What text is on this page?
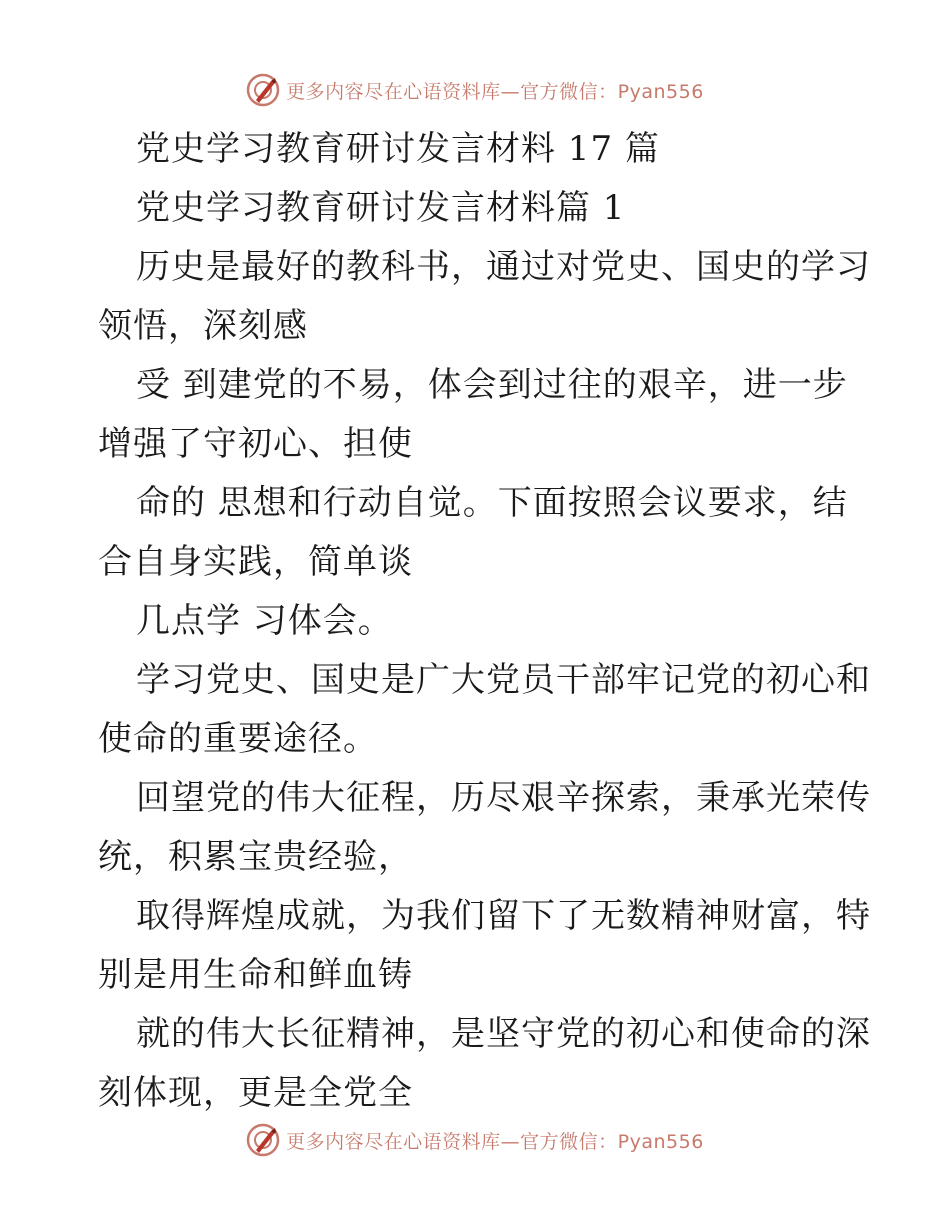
更多内容尽在心语资料库—官方微信：Pyan556
党史学习教育研讨发言材料 17 篇
党史学习教育研讨发言材料篇 1
历史是最好的教科书，通过对党史、国史的学习
领悟，深刻感
受 到建党的不易，体会到过往的艰辛，进一步
增强了守初心、担使
命的 思想和行动自觉。下面按照会议要求，结
合自身实践，简单谈
几点学 习体会。
学习党史、国史是广大党员干部牢记党的初心和
使命的重要途径。
回望党的伟大征程，历尽艰辛探索，秉承光荣传
统，积累宝贵经验，
取得辉煌成就，为我们留下了无数精神财富，特
别是用生命和鲜血铸
就的伟大长征精神，是坚守党的初心和使命的深
刻体现，更是全党全
更多内容尽在心语资料库—官方微信：Pyan556
